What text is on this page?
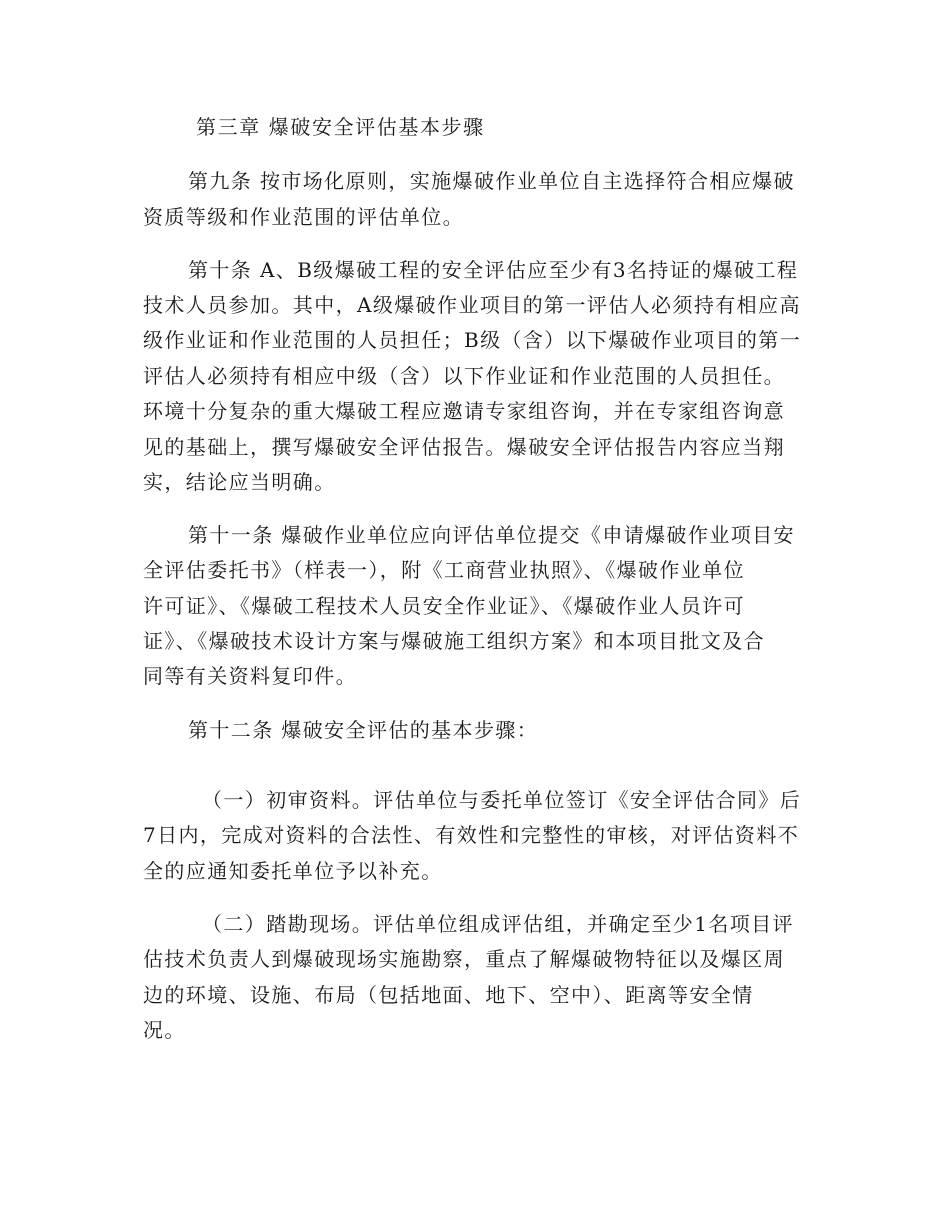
第三章 爆破安全评估基本步骤
第九条 按市场化原则，实施爆破作业单位自主选择符合相应爆破
资质等级和作业范围的评估单位。
第十条 A、B级爆破工程的安全评估应至少有3名持证的爆破工程
技术人员参加。其中，A级爆破作业项目的第一评估人必须持有相应高
级作业证和作业范围的人员担任；B级（含）以下爆破作业项目的第一
评估人必须持有相应中级（含）以下作业证和作业范围的人员担任。
环境十分复杂的重大爆破工程应邀请专家组咨询，并在专家组咨询意
见的基础上，撰写爆破安全评估报告。爆破安全评估报告内容应当翔
实，结论应当明确。
第十一条 爆破作业单位应向评估单位提交《申请爆破作业项目安
全评估委托书》（样表一），附《工商营业执照》、《爆破作业单位
许可证》、《爆破工程技术人员安全作业证》、《爆破作业人员许可
证》、《爆破技术设计方案与爆破施工组织方案》和本项目批文及合
同等有关资料复印件。
第十二条 爆破安全评估的基本步骤：
（一）初审资料。评估单位与委托单位签订《安全评估合同》后
7日内，完成对资料的合法性、有效性和完整性的审核，对评估资料不
全的应通知委托单位予以补充。
（二）踏勘现场。评估单位组成评估组，并确定至少1名项目评
估技术负责人到爆破现场实施勘察，重点了解爆破物特征以及爆区周
边的环境、设施、布局（包括地面、地下、空中）、距离等安全情
况。
